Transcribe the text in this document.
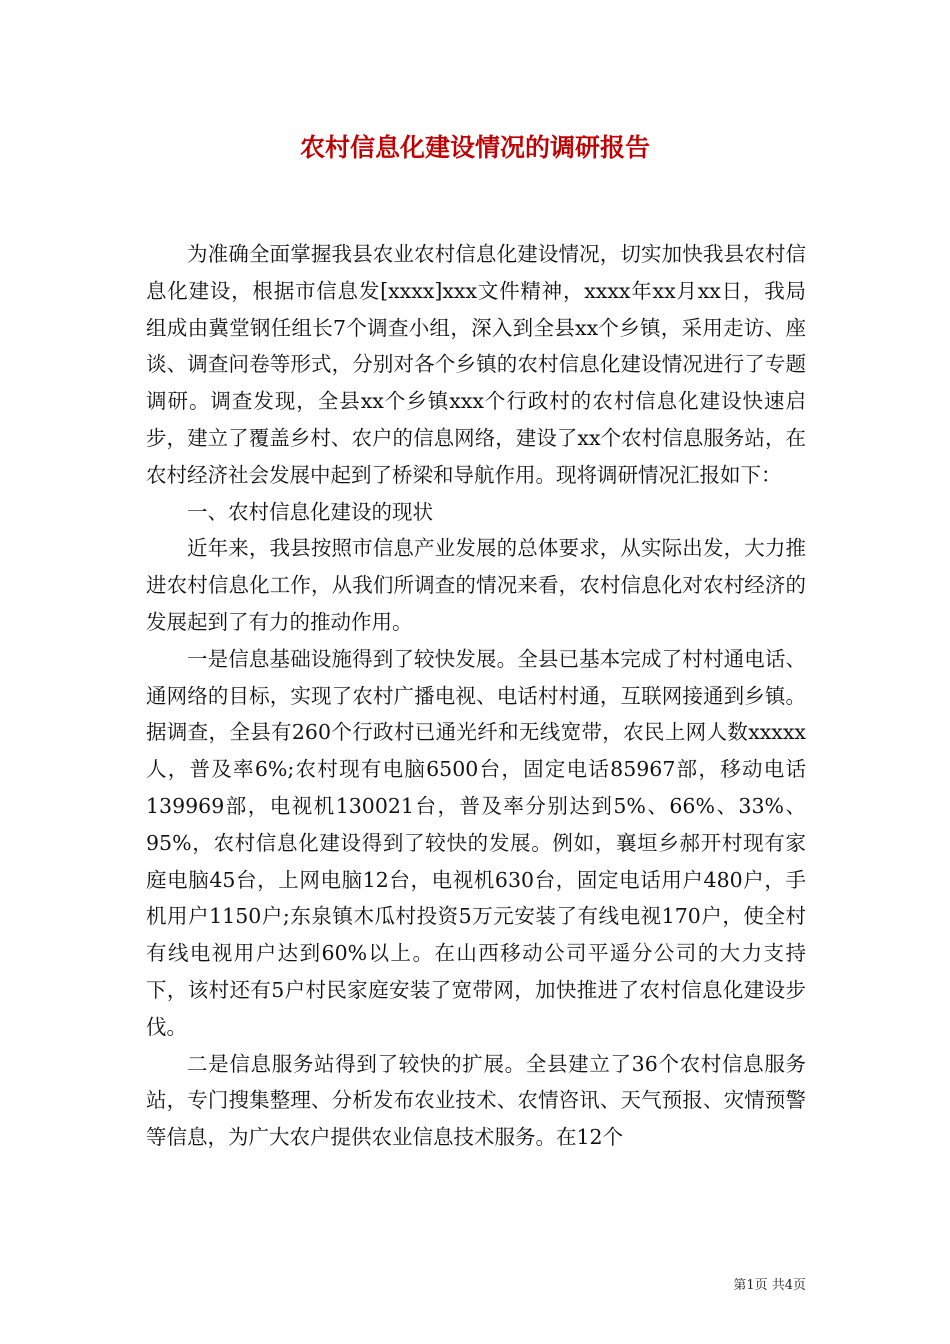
农村信息化建设情况的调研报告

为准确全面掌握我县农业农村信息化建设情况，切实加快我县农村信息化建设，根据市信息发[xxxx]xxx文件精神，xxxx年xx月xx日，我局组成由冀堂钢任组长7个调查小组，深入到全县xx个乡镇，采用走访、座谈、调查问卷等形式，分别对各个乡镇的农村信息化建设情况进行了专题调研。调查发现，全县xx个乡镇xxx个行政村的农村信息化建设快速启步，建立了覆盖乡村、农户的信息网络，建设了xx个农村信息服务站，在农村经济社会发展中起到了桥梁和导航作用。现将调研情况汇报如下：

一、农村信息化建设的现状

近年来，我县按照市信息产业发展的总体要求，从实际出发，大力推进农村信息化工作，从我们所调查的情况来看，农村信息化对农村经济的发展起到了有力的推动作用。

一是信息基础设施得到了较快发展。全县已基本完成了村村通电话、通网络的目标，实现了农村广播电视、电话村村通，互联网接通到乡镇。据调查，全县有260个行政村已通光纤和无线宽带，农民上网人数xxxxx人，普及率6%;农村现有电脑6500台，固定电话85967部，移动电话139969部，电视机130021台，普及率分别达到5%、66%、33%、95%，农村信息化建设得到了较快的发展。例如，襄垣乡郝开村现有家庭电脑45台，上网电脑12台，电视机630台，固定电话用户480户，手机用户1150户;东泉镇木瓜村投资5万元安装了有线电视170户，使全村有线电视用户达到60%以上。在山西移动公司平遥分公司的大力支持下，该村还有5户村民家庭安装了宽带网，加快推进了农村信息化建设步伐。

二是信息服务站得到了较快的扩展。全县建立了36个农村信息服务站，专门搜集整理、分析发布农业技术、农情咨讯、天气预报、灾情预警等信息，为广大农户提供农业信息技术服务。在12个

第1页 共4页
